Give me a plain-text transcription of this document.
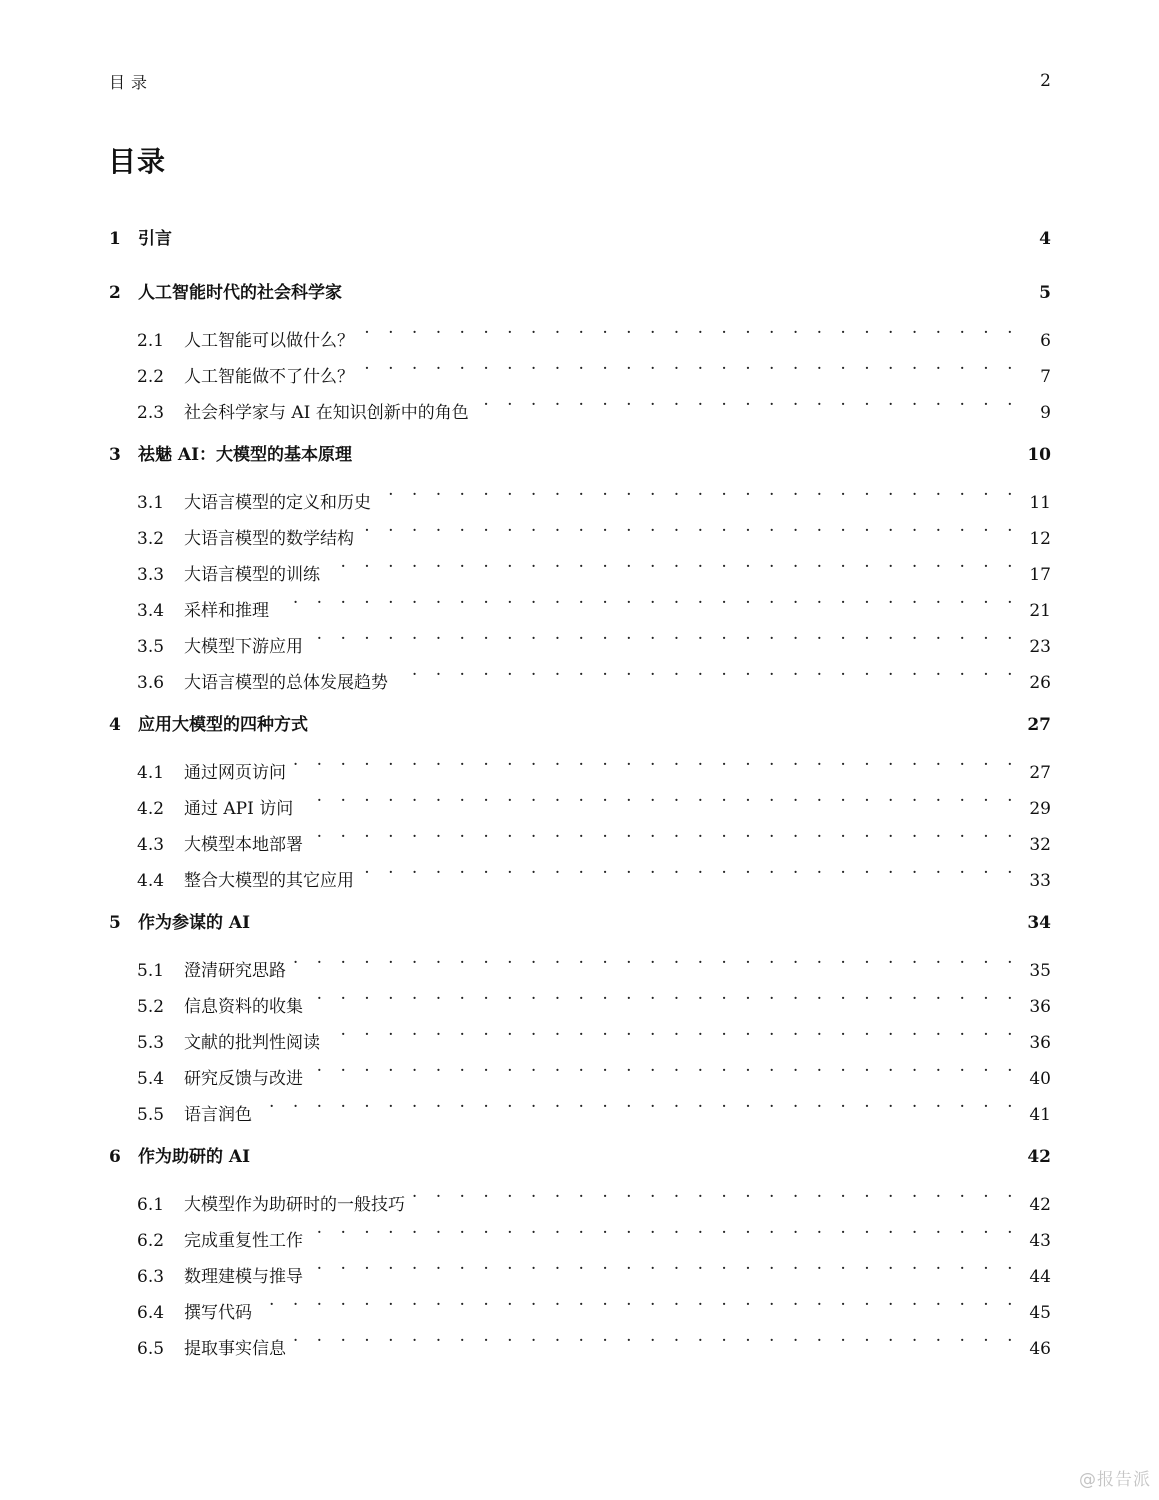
目录	2
目录
1	引言	4
2	人工智能时代的社会科学家	5
2.1	人工智能可以做什么？ . . .	6
2.2	人工智能做不了什么？ . . .	7
2.3	社会科学家与 AI 在知识创新中的角色 . . .	9
3	祛魅 AI：大模型的基本原理	10
3.1	大语言模型的定义和历史 . . .	11
3.2	大语言模型的数学结构 . . .	12
3.3	大语言模型的训练 . . .	17
3.4	采样和推理 . . .	21
3.5	大模型下游应用 . . .	23
3.6	大语言模型的总体发展趋势 . . .	26
4	应用大模型的四种方式	27
4.1	通过网页访问 . . .	27
4.2	通过 API 访问 . . .	29
4.3	大模型本地部署 . . .	32
4.4	整合大模型的其它应用 . . .	33
5	作为参谋的 AI	34
5.1	澄清研究思路 . . .	35
5.2	信息资料的收集 . . .	36
5.3	文献的批判性阅读 . . .	36
5.4	研究反馈与改进 . . .	40
5.5	语言润色 . . .	41
6	作为助研的 AI	42
6.1	大模型作为助研时的一般技巧 . . .	42
6.2	完成重复性工作 . . .	43
6.3	数理建模与推导 . . .	44
6.4	撰写代码 . . .	45
6.5	提取事实信息 . . .	46
@报告派
